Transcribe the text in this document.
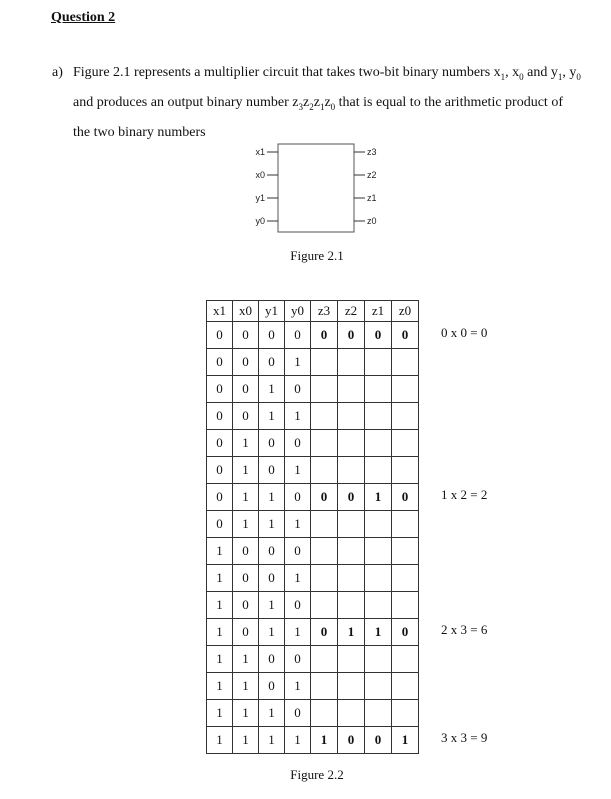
Question 2
a) Figure 2.1 represents a multiplier circuit that takes two-bit binary numbers $x_1$, $x_0$ and $y_1$, $y_0$ and produces an output binary number $z_3z_2z_1z_0$ that is equal to the arithmetic product of the two binary numbers
x1
x0
y1
y0
z3
z2
z1
z0
Figure 2.1
x1	x0	y1	y0	z3	z2	z1	z0
0	0	0	0	0	0	0	0
0	0	0	1				
0	0	1	0				
0	0	1	1				
0	1	0	0				
0	1	0	1				
0	1	1	0	0	0	1	0
0	1	1	1				
1	0	0	0				
1	0	0	1				
1	0	1	0				
1	0	1	1	0	1	1	0
1	1	0	0				
1	1	0	1				
1	1	1	0				
1	1	1	1	1	0	0	1
0 x 0 = 0
1 x 2 = 2
2 x 3 = 6
3 x 3 = 9
Figure 2.2
